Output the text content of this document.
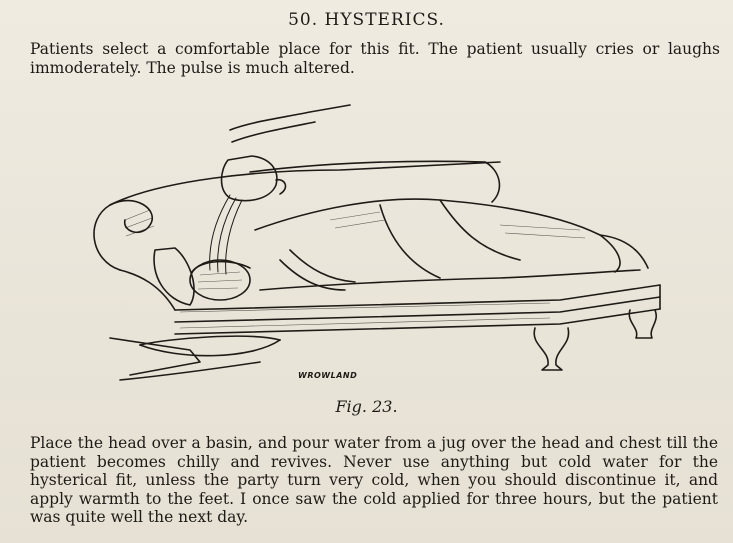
50. HYSTERICS.
Patients select a comfortable place for this fit. The patient usually cries or laughs immoderately. The pulse is much altered.
WROWLAND
Fig. 23.
Place the head over a basin, and pour water from a jug over the head and chest till the patient becomes chilly and revives. Never use anything but cold water for the hysterical fit, unless the party turn very cold, when you should discontinue it, and apply warmth to the feet. I once saw the cold applied for three hours, but the patient was quite well the next day.
